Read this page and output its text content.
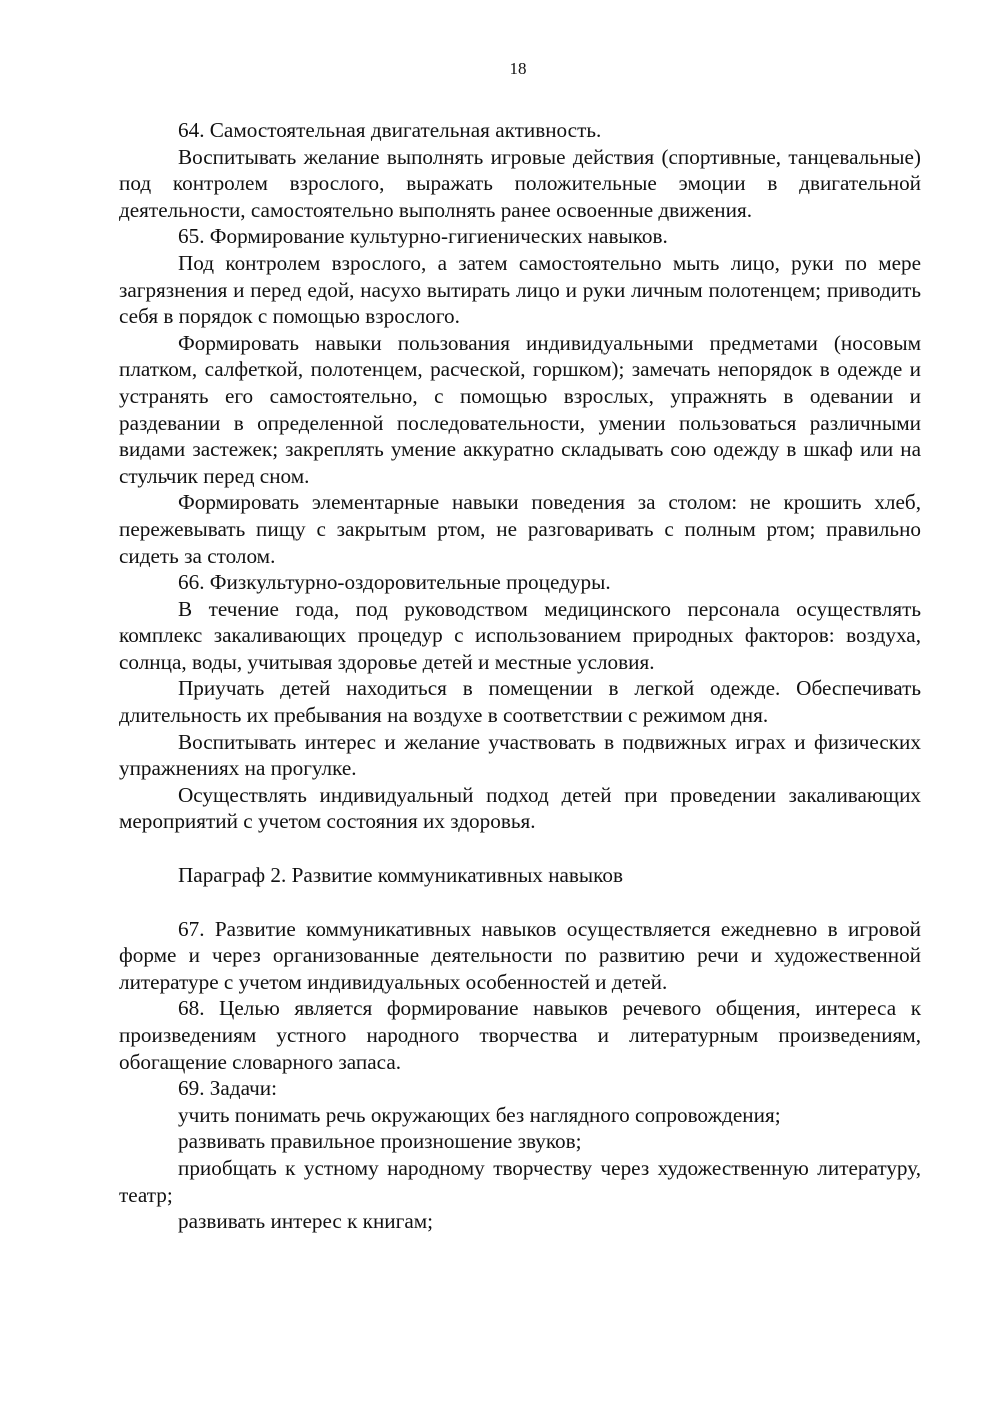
18

64. Самостоятельная двигательная активность.

Воспитывать желание выполнять игровые действия (спортивные, танцевальные) под контролем взрослого, выражать положительные эмоции в двигательной деятельности, самостоятельно выполнять ранее освоенные движения.

65. Формирование культурно-гигиенических навыков.

Под контролем взрослого, а затем самостоятельно мыть лицо, руки по мере загрязнения и перед едой, насухо вытирать лицо и руки личным полотенцем; приводить себя в порядок с помощью взрослого.

Формировать навыки пользования индивидуальными предметами (носовым платком, салфеткой, полотенцем, расческой, горшком); замечать непорядок в одежде и устранять его самостоятельно, с помощью взрослых, упражнять в одевании и раздевании в определенной последовательности, умении пользоваться различными видами застежек; закреплять умение аккуратно складывать сою одежду в шкаф или на стульчик перед сном.

Формировать элементарные навыки поведения за столом: не крошить хлеб, пережевывать пищу с закрытым ртом, не разговаривать с полным ртом; правильно сидеть за столом.

66. Физкультурно-оздоровительные процедуры.

В течение года, под руководством медицинского персонала осуществлять комплекс закаливающих процедур с использованием природных факторов: воздуха, солнца, воды, учитывая здоровье детей и местные условия.

Приучать детей находиться в помещении в легкой одежде. Обеспечивать длительность их пребывания на воздухе в соответствии с режимом дня.

Воспитывать интерес и желание участвовать в подвижных играх и физических упражнениях на прогулке.

Осуществлять индивидуальный подход детей при проведении закаливающих мероприятий с учетом состояния их здоровья.

Параграф 2. Развитие коммуникативных навыков

67. Развитие коммуникативных навыков осуществляется ежедневно в игровой форме и через организованные деятельности по развитию речи и художественной литературе с учетом индивидуальных особенностей и детей.

68. Целью является формирование навыков речевого общения, интереса к произведениям устного народного творчества и литературным произведениям, обогащение словарного запаса.

69. Задачи:

учить понимать речь окружающих без наглядного сопровождения;

развивать правильное произношение звуков;

приобщать к устному народному творчеству через художественную литературу, театр;

развивать интерес к книгам;
